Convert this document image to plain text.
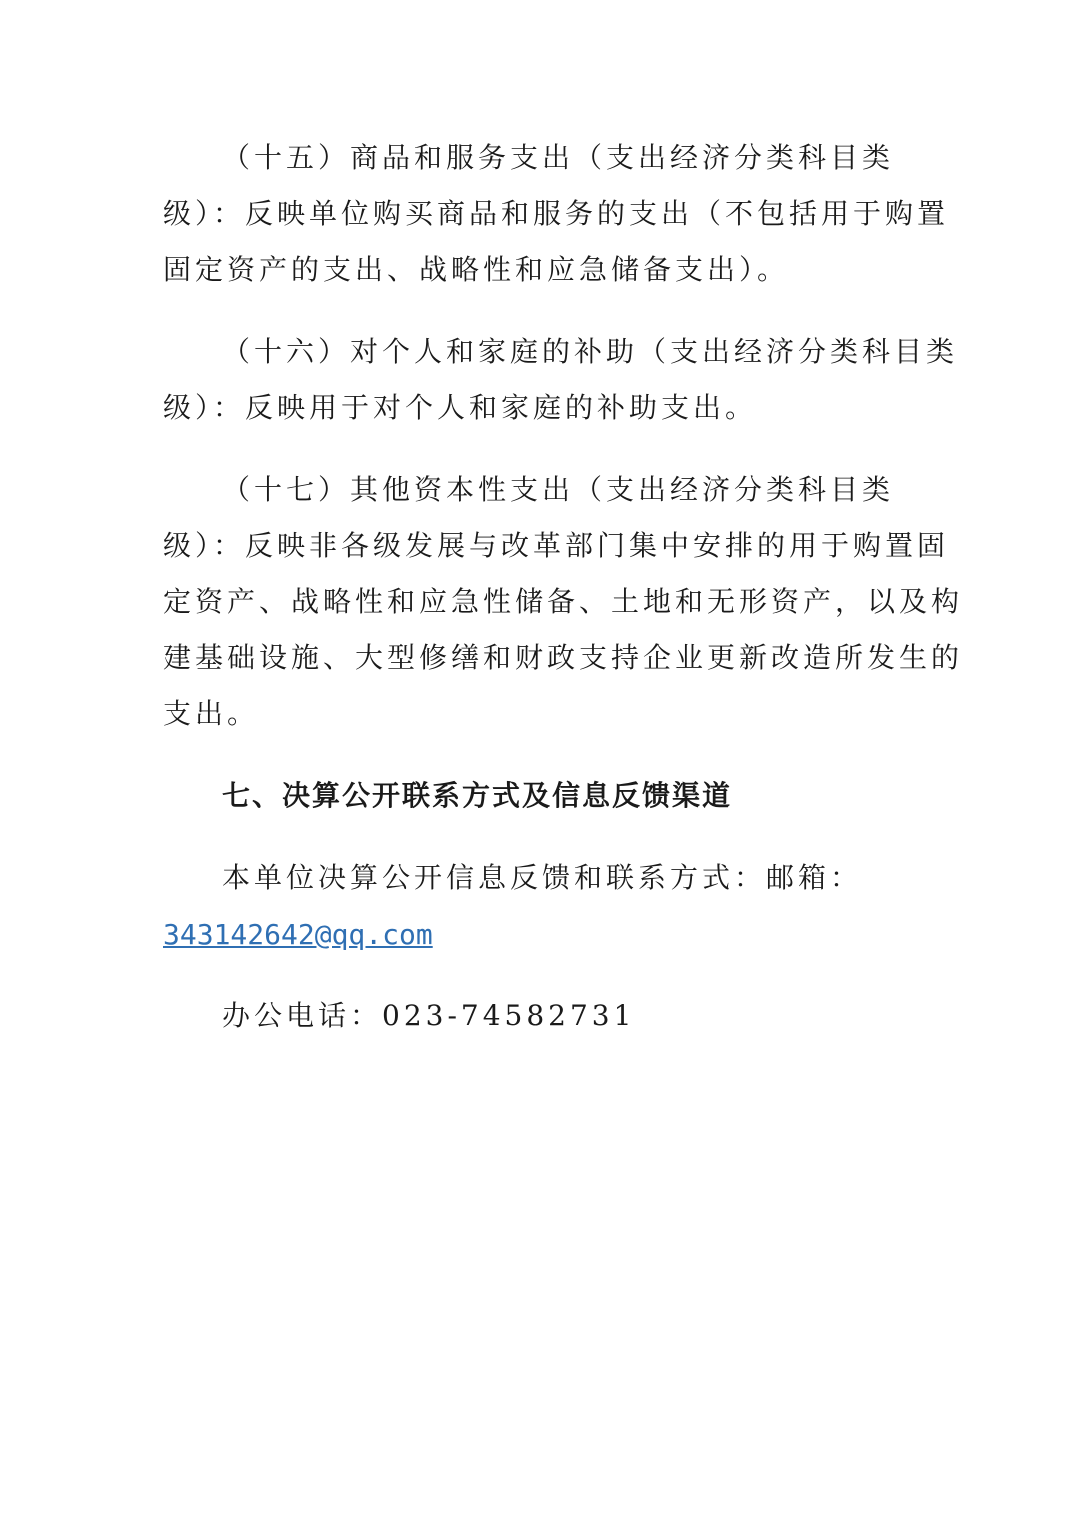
（十五）商品和服务支出（支出经济分类科目类
级）：反映单位购买商品和服务的支出（不包括用于购置
固定资产的支出、战略性和应急储备支出）。
（十六）对个人和家庭的补助（支出经济分类科目类
级）：反映用于对个人和家庭的补助支出。
（十七）其他资本性支出（支出经济分类科目类
级）：反映非各级发展与改革部门集中安排的用于购置固
定资产、战略性和应急性储备、土地和无形资产，以及构
建基础设施、大型修缮和财政支持企业更新改造所发生的
支出。
七、决算公开联系方式及信息反馈渠道
本单位决算公开信息反馈和联系方式：邮箱：
343142642@qq.com
办公电话：023-74582731
